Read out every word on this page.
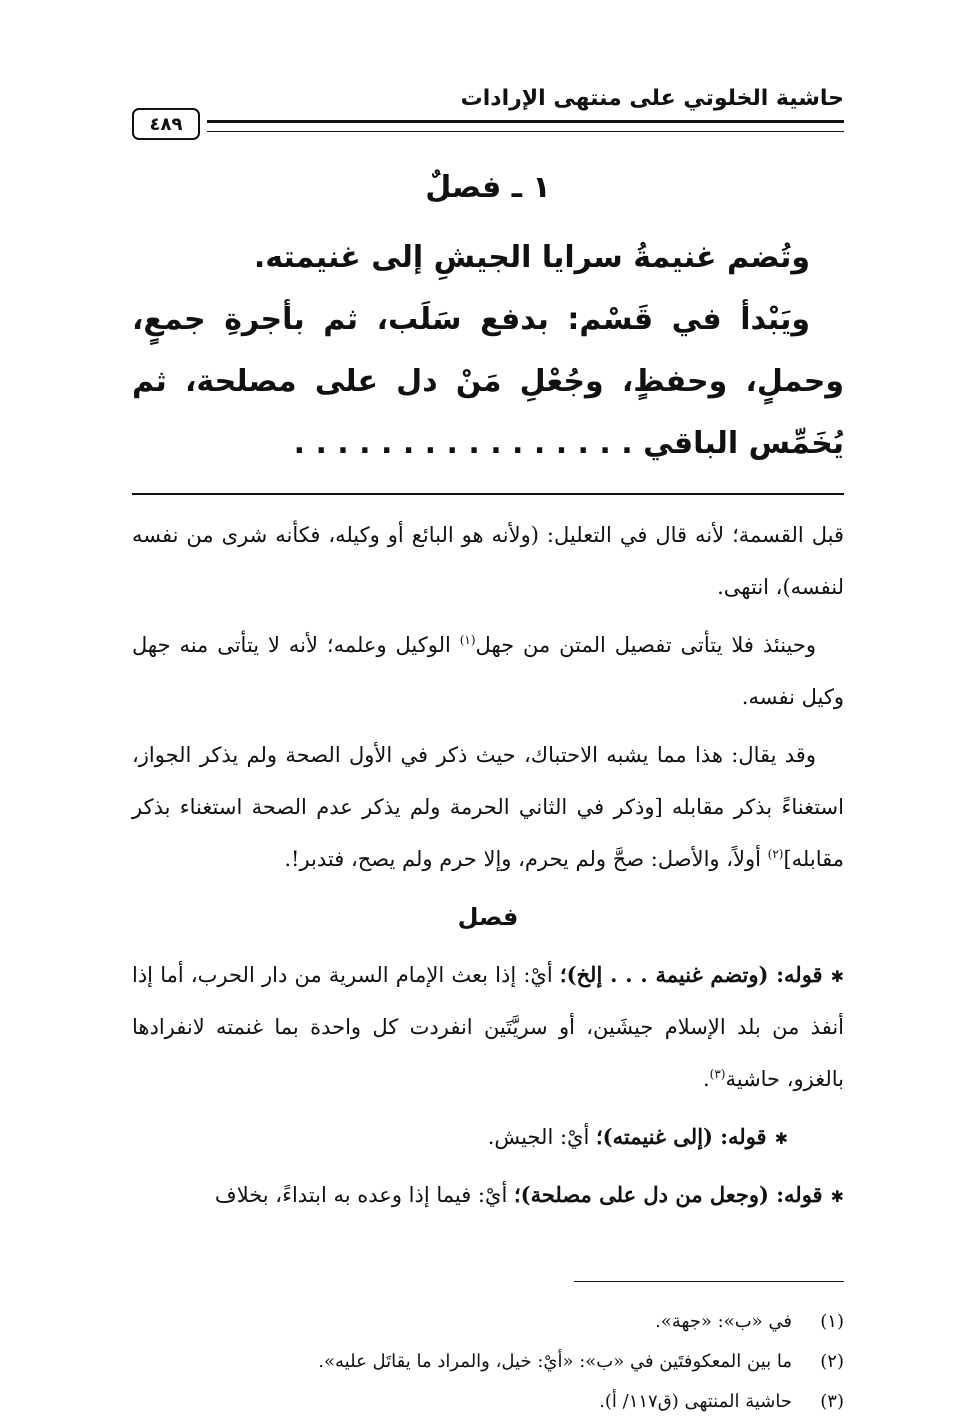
حاشية الخلوتي على منتهى الإرادات
٤٨٩
١ ـ فصلٌ

وتُضم غنيمةُ سرايا الجيشِ إلى غنيمته.

ويَبْدأ في قَسْم: بدفع سَلَب، ثم بأجرةِ جمعٍ، وحملٍ، وحفظٍ، وجُعْلِ مَنْ دل على مصلحة، ثم يُخَمِّس الباقي . . . . . . . . . . . . . . . .

قبل القسمة؛ لأنه قال في التعليل: (ولأنه هو البائع أو وكيله، فكأنه شرى من نفسه لنفسه)، انتهى.

وحينئذ فلا يتأتى تفصيل المتن من جهل$^{(١)}$ الوكيل وعلمه؛ لأنه لا يتأتى منه جهل وكيل نفسه.

وقد يقال: هذا مما يشبه الاحتباك، حيث ذكر في الأول الصحة ولم يذكر الجواز، استغناءً بذكر مقابله [وذكر في الثاني الحرمة ولم يذكر عدم الصحة استغناء بذكر مقابله]$^{(٢)}$ أولاً، والأصل: صحَّ ولم يحرم، وإلا حرم ولم يصح، فتدبر!.

فصل

✱قوله: (وتضم غنيمة . . . إلخ)؛ أيْ: إذا بعث الإمام السرية من دار الحرب، أما إذا أنفذ من بلد الإسلام جيشَين، أو سريَّتَين انفردت كل واحدة بما غنمته لانفرادها بالغزو، حاشية$^{(٣)}$.

✱قوله: (إلى غنيمته)؛ أيْ: الجيش.

✱قوله: (وجعل من دل على مصلحة)؛ أيْ: فيما إذا وعده به ابتداءً، بخلاف

(١)
في «ب»: «جهة».
(٢)
ما بين المعكوفتَين في «ب»: «أيْ: خيل، والمراد ما يقاتَل عليه».
(٣)
حاشية المنتهى (ق١١٧/ أ).
